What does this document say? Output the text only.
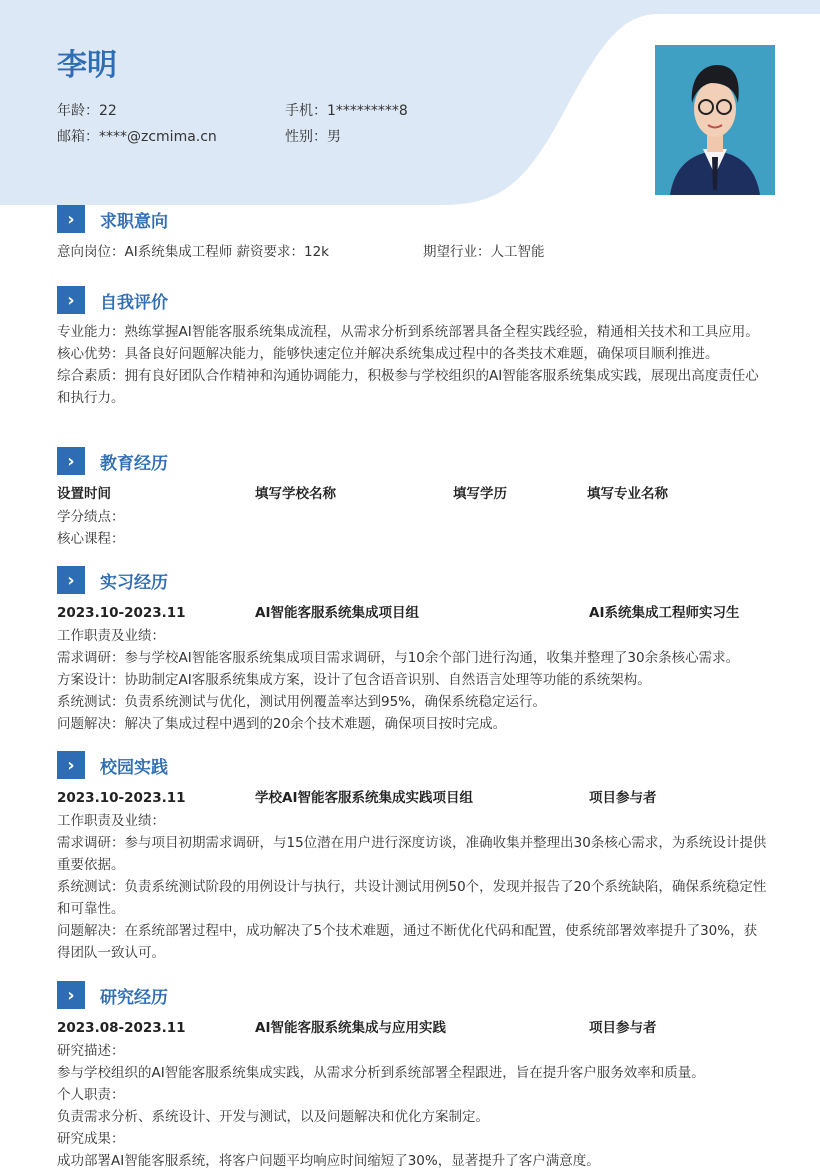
李明
年龄：22	手机：1*********8
邮箱：****@zcmima.cn	性别：男
›	求职意向
意向岗位：AI系统集成工程师 薪资要求：12k	期望行业：人工智能
›	自我评价
专业能力：熟练掌握AI智能客服系统集成流程，从需求分析到系统部署具备全程实践经验，精通相关技术和工具应用。
核心优势：具备良好问题解决能力，能够快速定位并解决系统集成过程中的各类技术难题，确保项目顺利推进。
综合素质：拥有良好团队合作精神和沟通协调能力，积极参与学校组织的AI智能客服系统集成实践，展现出高度责任心和执行力。
›	教育经历
设置时间	填写学校名称	填写学历	填写专业名称
学分绩点：
核心课程：
›	实习经历
2023.10-2023.11	AI智能客服系统集成项目组	AI系统集成工程师实习生
工作职责及业绩：
需求调研：参与学校AI智能客服系统集成项目需求调研，与10余个部门进行沟通，收集并整理了30余条核心需求。
方案设计：协助制定AI客服系统集成方案，设计了包含语音识别、自然语言处理等功能的系统架构。
系统测试：负责系统测试与优化，测试用例覆盖率达到95%，确保系统稳定运行。
问题解决：解决了集成过程中遇到的20余个技术难题，确保项目按时完成。
›	校园实践
2023.10-2023.11	学校AI智能客服系统集成实践项目组	项目参与者
工作职责及业绩：
需求调研：参与项目初期需求调研，与15位潜在用户进行深度访谈，准确收集并整理出30条核心需求，为系统设计提供重要依据。
系统测试：负责系统测试阶段的用例设计与执行，共设计测试用例50个，发现并报告了20个系统缺陷，确保系统稳定性和可靠性。
问题解决：在系统部署过程中，成功解决了5个技术难题，通过不断优化代码和配置，使系统部署效率提升了30%，获得团队一致认可。
›	研究经历
2023.08-2023.11	AI智能客服系统集成与应用实践	项目参与者
研究描述：
参与学校组织的AI智能客服系统集成实践，从需求分析到系统部署全程跟进，旨在提升客户服务效率和质量。
个人职责：
负责需求分析、系统设计、开发与测试，以及问题解决和优化方案制定。
研究成果：
成功部署AI智能客服系统，将客户问题平均响应时间缩短了30%，显著提升了客户满意度。
